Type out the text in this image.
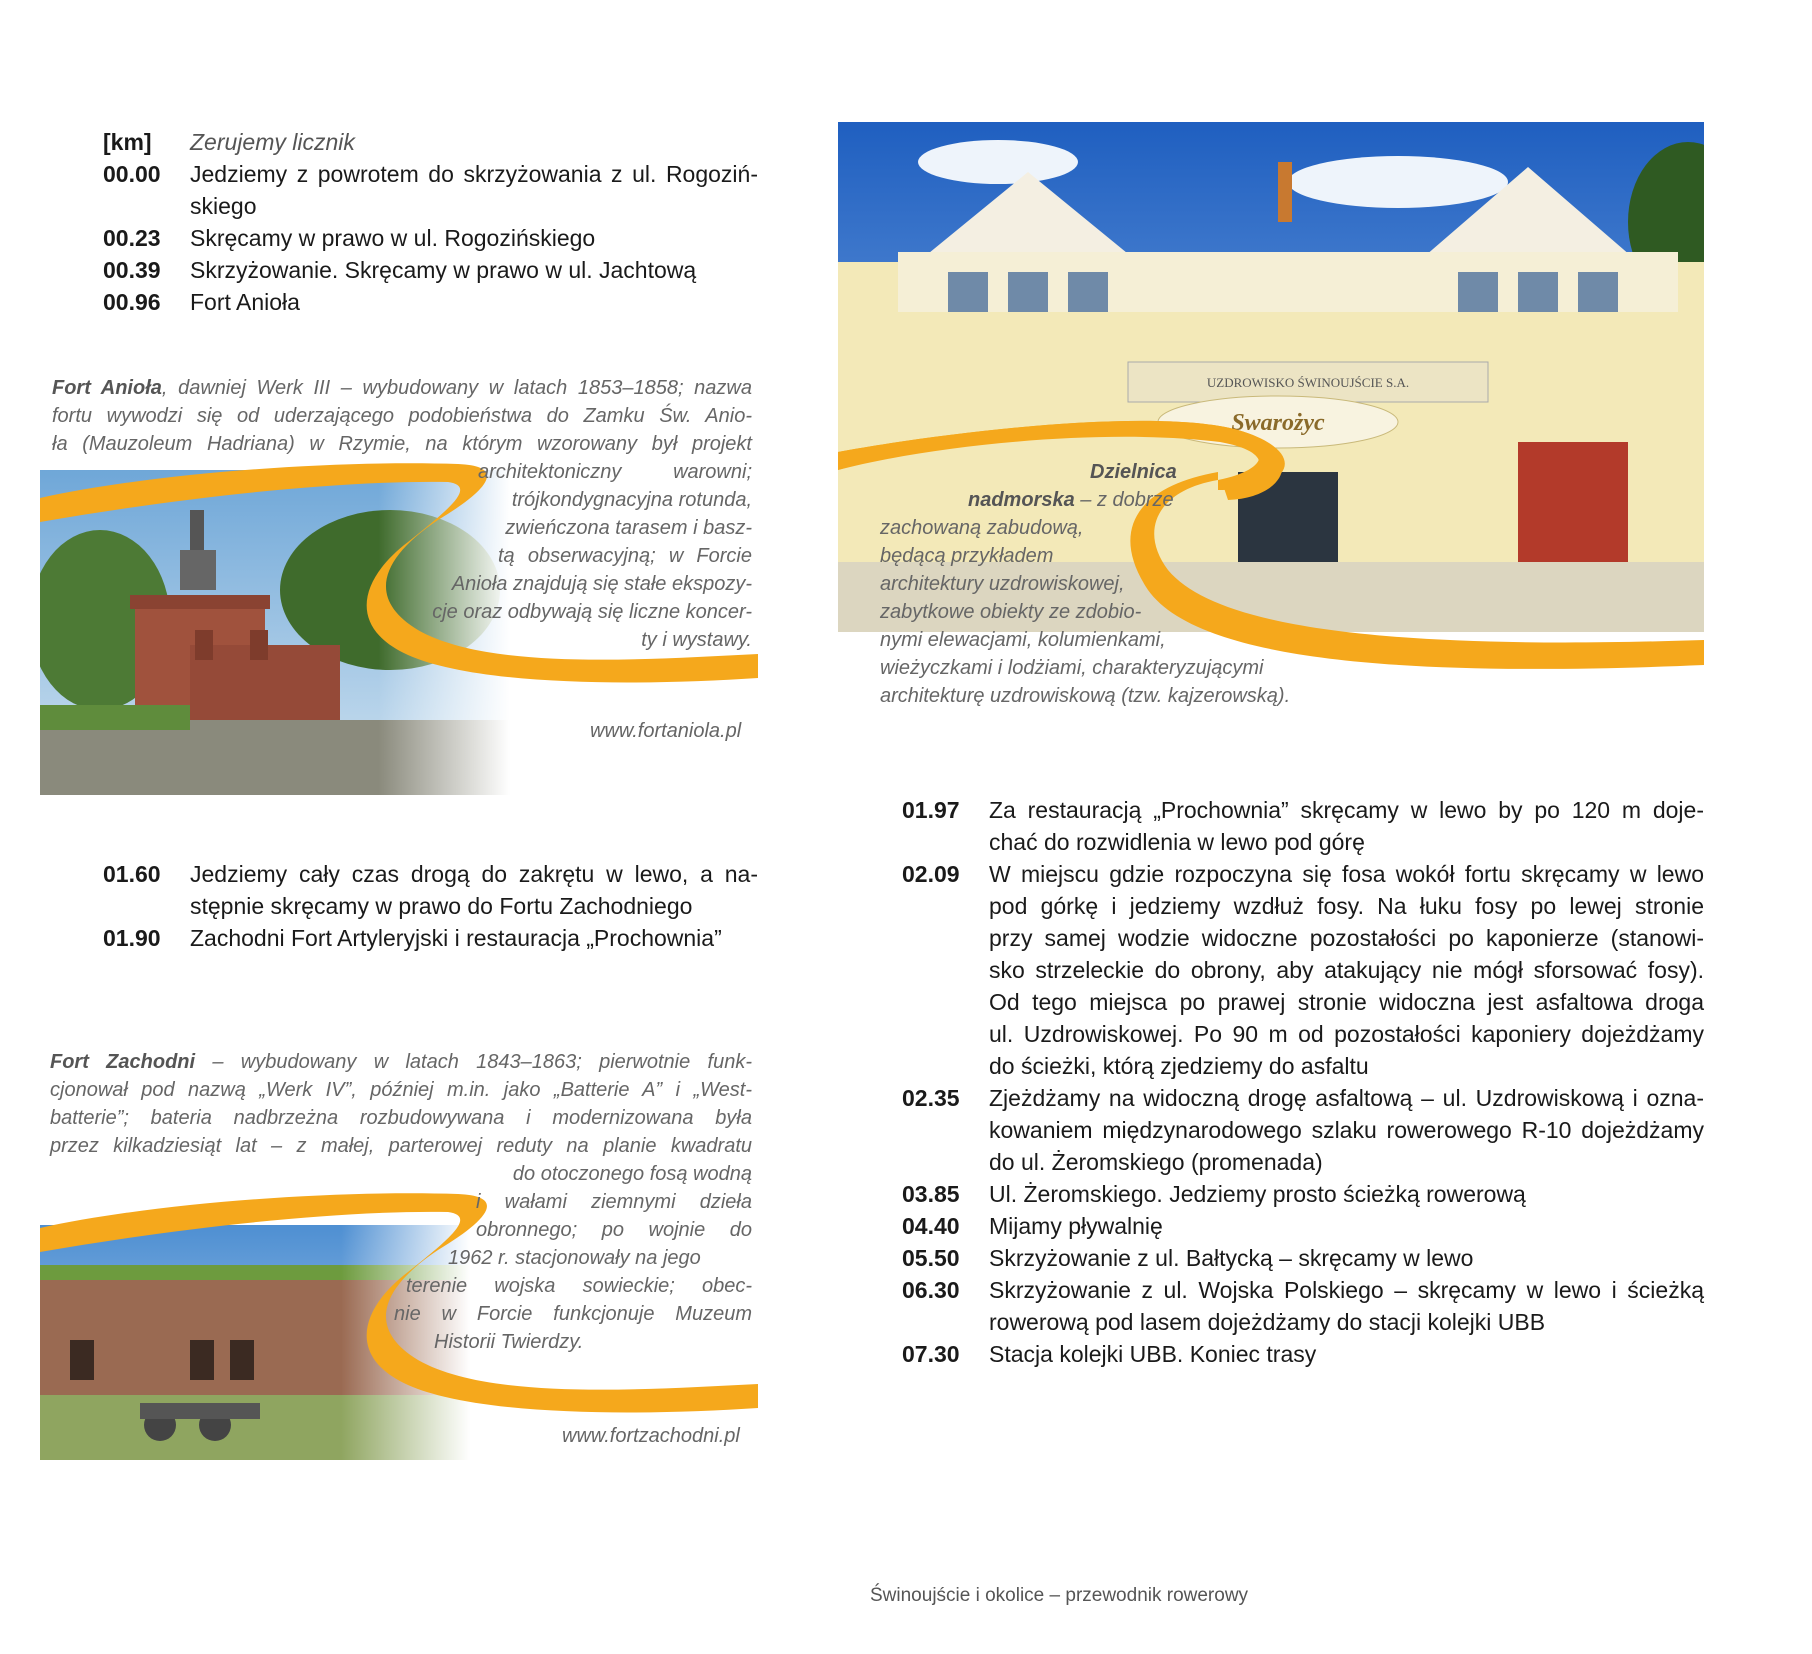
[km]	Zerujemy licznik
00.00	Jedziemy z powrotem do skrzyżowania z ul. Rogoziń-
skiego
00.23	Skręcamy w prawo w ul. Rogozińskiego
00.39	Skrzyżowanie. Skręcamy w prawo w ul. Jachtową
00.96	Fort Anioła
Fort Anioła, dawniej Werk III – wybudowany w latach 1853–1858; nazwa
fortu wywodzi się od uderzającego podobieństwa do Zamku Św. Anio-
ła (Mauzoleum Hadriana) w Rzymie, na którym wzorowany był projekt
architektoniczny warowni;
trójkondygnacyjna rotunda,
zwieńczona tarasem i basz-
tą obserwacyjną; w Forcie
Anioła znajdują się stałe ekspozy-
cje oraz odbywają się liczne koncer-
ty i wystawy.
www.fortaniola.pl
01.60	Jedziemy cały czas drogą do zakrętu w lewo, a na-
stępnie skręcamy w prawo do Fortu Zachodniego
01.90	Zachodni Fort Artyleryjski i restauracja „Prochownia”
Fort Zachodni – wybudowany w latach 1843–1863; pierwotnie funk-
cjonował pod nazwą „Werk IV”, później m.in. jako „Batterie A” i „West-
batterie”; bateria nadbrzeżna rozbudowywana i modernizowana była
przez kilkadziesiąt lat – z małej, parterowej reduty na planie kwadratu
do otoczonego fosą wodną
i wałami ziemnymi dzieła
obronnego; po wojnie do
1962 r. stacjonowały na jego
terenie wojska sowieckie; obec-
nie w Forcie funkcjonuje Muzeum
Historii Twierdzy.
www.fortzachodni.pl
UZDROWISKO ŚWINOUJŚCIE S.A.
Swarożyc
Dzielnica
nadmorska – z dobrze
zachowaną zabudową,
będącą przykładem
architektury uzdrowiskowej,
zabytkowe obiekty ze zdobio-
nymi elewacjami, kolumienkami,
wieżyczkami i lodżiami, charakteryzującymi
architekturę uzdrowiskową (tzw. kajzerowską).
01.97	Za restauracją „Prochownia” skręcamy w lewo by po 120 m doje-
chać do rozwidlenia w lewo pod górę
02.09	W miejscu gdzie rozpoczyna się fosa wokół fortu skręcamy w lewo
pod górkę i jedziemy wzdłuż fosy. Na łuku fosy po lewej stronie
przy samej wodzie widoczne pozostałości po kaponierze (stanowi-
sko strzeleckie do obrony, aby atakujący nie mógł sforsować fosy).
Od tego miejsca po prawej stronie widoczna jest asfaltowa droga
ul. Uzdrowiskowej. Po 90 m od pozostałości kaponiery dojeżdżamy
do ścieżki, którą zjedziemy do asfaltu
02.35	Zjeżdżamy na widoczną drogę asfaltową – ul. Uzdrowiskową i ozna-
kowaniem międzynarodowego szlaku rowerowego R-10 dojeżdżamy
do ul. Żeromskiego (promenada)
03.85	Ul. Żeromskiego. Jedziemy prosto ścieżką rowerową
04.40	Mijamy pływalnię
05.50	Skrzyżowanie z ul. Bałtycką – skręcamy w lewo
06.30	Skrzyżowanie z ul. Wojska Polskiego – skręcamy w lewo i ścieżką
rowerową pod lasem dojeżdżamy do stacji kolejki UBB
07.30	Stacja kolejki UBB. Koniec trasy
Świnoujście i okolice – przewodnik rowerowy
